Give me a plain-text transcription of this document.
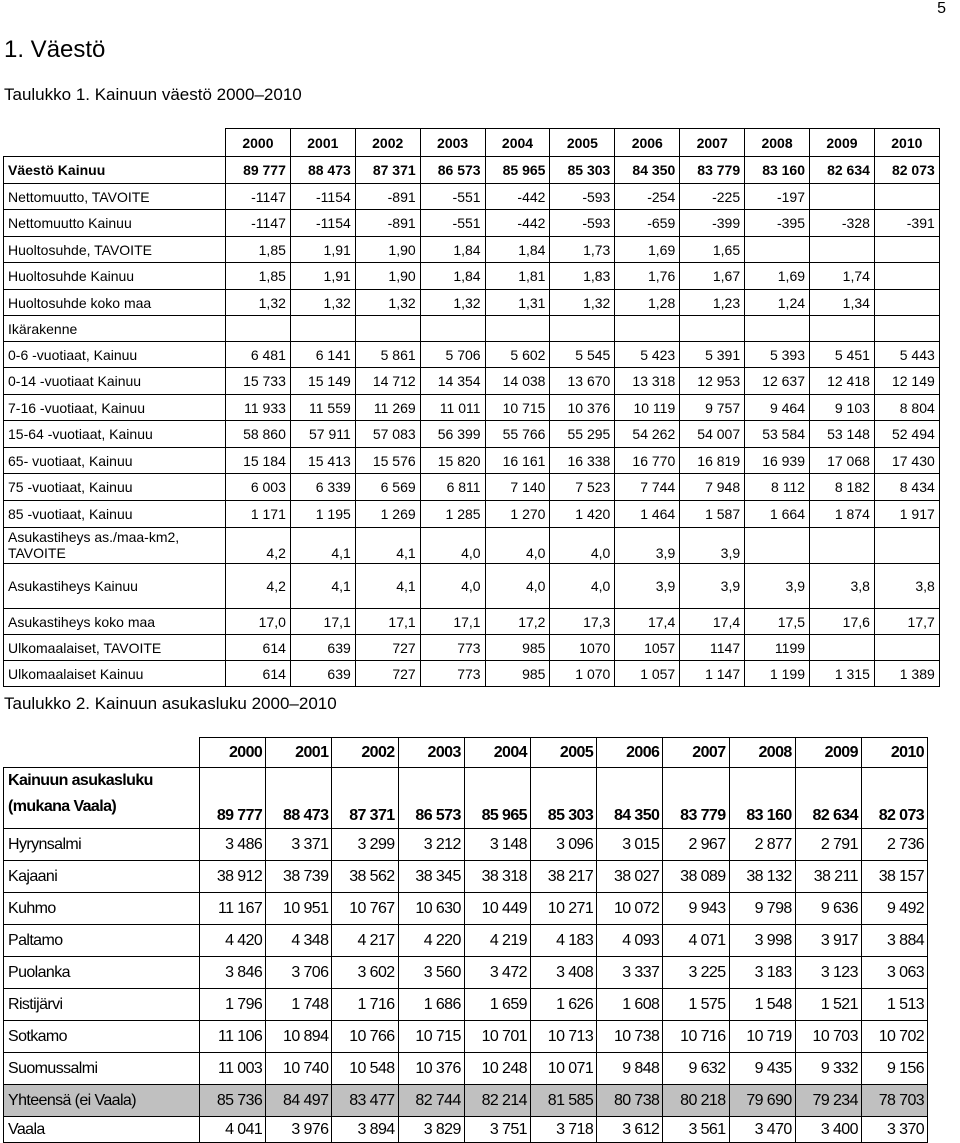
5
1. Väestö
Taulukko 1. Kainuun väestö 2000–2010
	2000	2001	2002	2003	2004	2005	2006	2007	2008	2009	2010
Väestö Kainuu	89 777	88 473	87 371	86 573	85 965	85 303	84 350	83 779	83 160	82 634	82 073
Nettomuutto, TAVOITE	-1147	-1154	-891	-551	-442	-593	-254	-225	-197		
Nettomuutto Kainuu	-1147	-1154	-891	-551	-442	-593	-659	-399	-395	-328	-391
Huoltosuhde, TAVOITE	1,85	1,91	1,90	1,84	1,84	1,73	1,69	1,65			
Huoltosuhde Kainuu	1,85	1,91	1,90	1,84	1,81	1,83	1,76	1,67	1,69	1,74	
Huoltosuhde koko maa	1,32	1,32	1,32	1,32	1,31	1,32	1,28	1,23	1,24	1,34	
Ikärakenne											
0-6 -vuotiaat, Kainuu	6 481	6 141	5 861	5 706	5 602	5 545	5 423	5 391	5 393	5 451	5 443
0-14 -vuotiaat Kainuu	15 733	15 149	14 712	14 354	14 038	13 670	13 318	12 953	12 637	12 418	12 149
7-16 -vuotiaat, Kainuu	11 933	11 559	11 269	11 011	10 715	10 376	10 119	9 757	9 464	9 103	8 804
15-64 -vuotiaat, Kainuu	58 860	57 911	57 083	56 399	55 766	55 295	54 262	54 007	53 584	53 148	52 494
65- vuotiaat, Kainuu	15 184	15 413	15 576	15 820	16 161	16 338	16 770	16 819	16 939	17 068	17 430
75 -vuotiaat, Kainuu	6 003	6 339	6 569	6 811	7 140	7 523	7 744	7 948	8 112	8 182	8 434
85 -vuotiaat, Kainuu	1 171	1 195	1 269	1 285	1 270	1 420	1 464	1 587	1 664	1 874	1 917
Asukastiheys as./maa-km2, TAVOITE	4,2	4,1	4,1	4,0	4,0	4,0	3,9	3,9			
Asukastiheys Kainuu	4,2	4,1	4,1	4,0	4,0	4,0	3,9	3,9	3,9	3,8	3,8
Asukastiheys koko maa	17,0	17,1	17,1	17,1	17,2	17,3	17,4	17,4	17,5	17,6	17,7
Ulkomaalaiset, TAVOITE	614	639	727	773	985	1070	1057	1147	1199		
Ulkomaalaiset Kainuu	614	639	727	773	985	1 070	1 057	1 147	1 199	1 315	1 389
Taulukko 2. Kainuun asukasluku 2000–2010
	2000	2001	2002	2003	2004	2005	2006	2007	2008	2009	2010
Kainuun asukasluku (mukana Vaala)	89 777	88 473	87 371	86 573	85 965	85 303	84 350	83 779	83 160	82 634	82 073
Hyrynsalmi	3 486	3 371	3 299	3 212	3 148	3 096	3 015	2 967	2 877	2 791	2 736
Kajaani	38 912	38 739	38 562	38 345	38 318	38 217	38 027	38 089	38 132	38 211	38 157
Kuhmo	11 167	10 951	10 767	10 630	10 449	10 271	10 072	9 943	9 798	9 636	9 492
Paltamo	4 420	4 348	4 217	4 220	4 219	4 183	4 093	4 071	3 998	3 917	3 884
Puolanka	3 846	3 706	3 602	3 560	3 472	3 408	3 337	3 225	3 183	3 123	3 063
Ristijärvi	1 796	1 748	1 716	1 686	1 659	1 626	1 608	1 575	1 548	1 521	1 513
Sotkamo	11 106	10 894	10 766	10 715	10 701	10 713	10 738	10 716	10 719	10 703	10 702
Suomussalmi	11 003	10 740	10 548	10 376	10 248	10 071	9 848	9 632	9 435	9 332	9 156
Yhteensä (ei Vaala)	85 736	84 497	83 477	82 744	82 214	81 585	80 738	80 218	79 690	79 234	78 703
Vaala	4 041	3 976	3 894	3 829	3 751	3 718	3 612	3 561	3 470	3 400	3 370
